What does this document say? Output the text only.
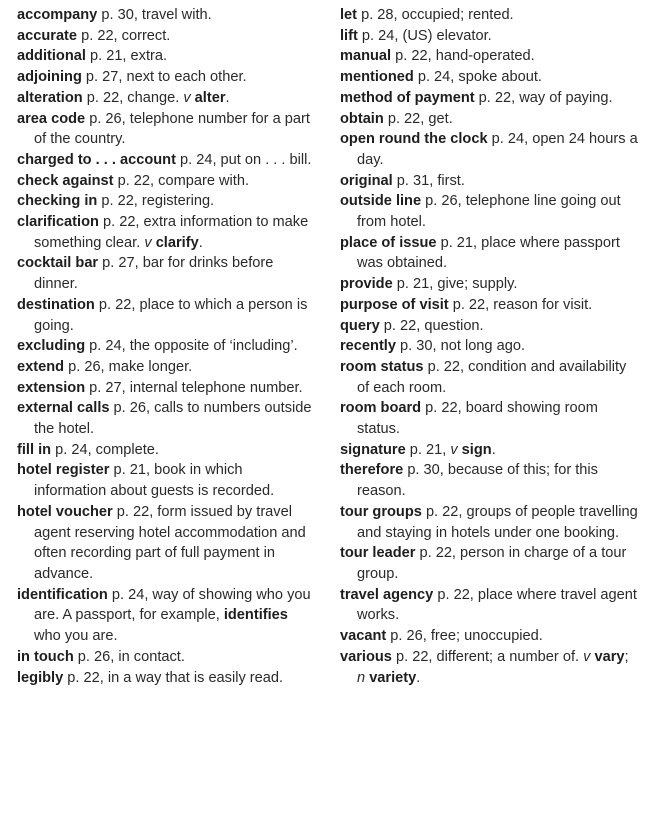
accompany p. 30, travel with.

accurate p. 22, correct.

additional p. 21, extra.

adjoining p. 27, next to each other.

alteration p. 22, change. v alter.

area code p. 26, telephone number for a part of the country.

charged to . . . account p. 24, put on . . . bill.

check against p. 22, compare with.

checking in p. 22, registering.

clarification p. 22, extra information to make something clear. v clarify.

cocktail bar p. 27, bar for drinks before dinner.

destination p. 22, place to which a person is going.

excluding p. 24, the opposite of ‘including’.

extend p. 26, make longer.

extension p. 27, internal telephone number.

external calls p. 26, calls to numbers outside the hotel.

fill in p. 24, complete.

hotel register p. 21, book in which information about guests is recorded.

hotel voucher p. 22, form issued by travel agent reserving hotel accommodation and often recording part of full payment in advance.

identification p. 24, way of showing who you are. A passport, for example, identifies who you are.

in touch p. 26, in contact.

legibly p. 22, in a way that is easily read.

let p. 28, occupied; rented.

lift p. 24, (US) elevator.

manual p. 22, hand-operated.

mentioned p. 24, spoke about.

method of payment p. 22, way of paying.

obtain p. 22, get.

open round the clock p. 24, open 24 hours a day.

original p. 31, first.

outside line p. 26, telephone line going out from hotel.

place of issue p. 21, place where passport was obtained.

provide p. 21, give; supply.

purpose of visit p. 22, reason for visit.

query p. 22, question.

recently p. 30, not long ago.

room status p. 22, condition and availability of each room.

room board p. 22, board showing room status.

signature p. 21, v sign.

therefore p. 30, because of this; for this reason.

tour groups p. 22, groups of people travelling and staying in hotels under one booking.

tour leader p. 22, person in charge of a tour group.

travel agency p. 22, place where travel agent works.

vacant p. 26, free; unoccupied.

various p. 22, different; a number of. v vary; n variety.
